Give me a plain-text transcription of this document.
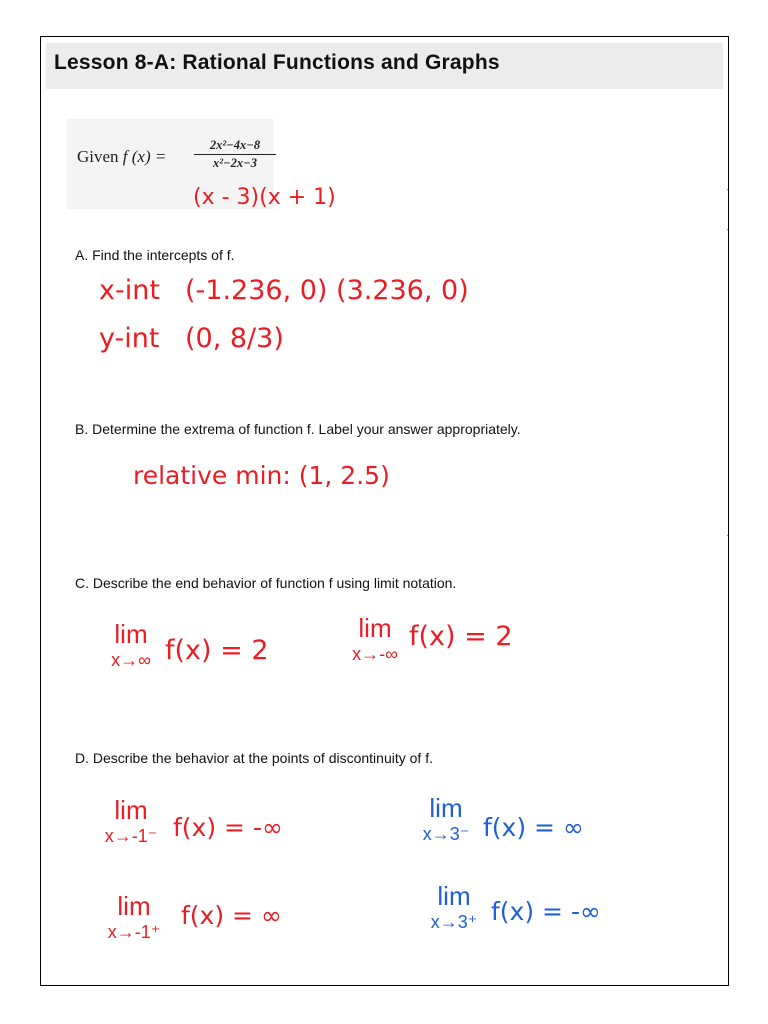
Lesson 8-A: Rational Functions and Graphs
Given f $(x) = \frac{\text{2x²−4x−8}}{\text{x²−2x−3}}$
(x - 3)(x + 1)
A. Find the intercepts of f.
x-int (-1.236, 0) (3.236, 0)
y-int (0, 8/3)
B. Determine the extrema of function f. Label your answer appropriately.
relative min: (1, 2.5)
C. Describe the end behavior of function f using limit notation.
lim
x→∞ f(x) = 2
lim
x→-∞
f(x) = 2
D. Describe the behavior at the points of discontinuity of f.
lim
x→-1⁻ f(x) = -∞
lim
x→-1⁺
f(x) = ∞
lim
x→3⁻ f(x) = ∞
lim
x→3⁺ f(x) = -∞
